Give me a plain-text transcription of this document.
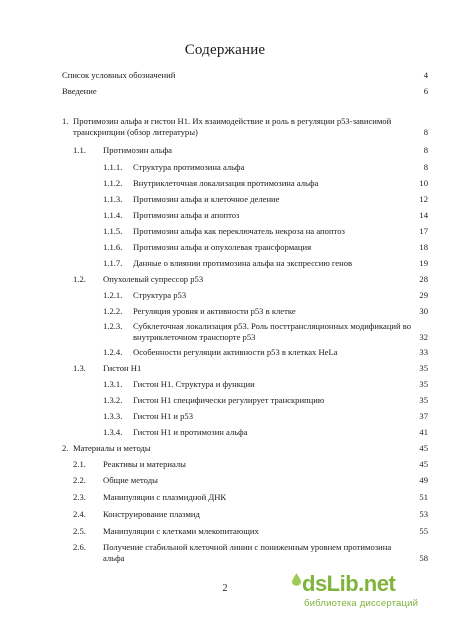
Содержание
Список условных обозначений	4
Введение	6
1. Протимозин альфа и гистон H1. Их взаимодействие и роль в регуляции p53-зависимой транскрипции (обзор литературы)	8
1.1. Протимозин альфа	8
1.1.1. Структура протимозина альфа	8
1.1.2. Внутриклеточная локализация протимозина альфа	10
1.1.3. Протимозин альфа и клеточное деление	12
1.1.4. Протимозин альфа и апоптоз	14
1.1.5. Протимозин альфа как переключатель некроза на апоптоз	17
1.1.6. Протимозин альфа и опухолевая трансформация	18
1.1.7. Данные о влиянии протимозина альфа на экспрессию генов	19
1.2. Опухолевый супрессор p53	28
1.2.1. Структура p53	29
1.2.2. Регуляция уровня и активности p53 в клетке	30
1.2.3. Субклеточная локализация p53. Роль посттрансляционных модификаций во внутриклеточном транспорте p53	32
1.2.4. Особенности регуляции активности p53 в клетках HeLa	33
1.3. Гистон H1	35
1.3.1. Гистон H1. Структура и функции	35
1.3.2. Гистон H1 специфически регулирует транскрипцию	35
1.3.3. Гистон H1 и p53	37
1.3.4. Гистон H1 и протимозин альфа	41
2. Материалы и методы	45
2.1. Реактивы и материалы	45
2.2. Общие методы	49
2.3. Манипуляции с плазмидной ДНК	51
2.4. Конструирование плазмид	53
2.5. Манипуляции с клетками млекопитающих	55
2.6. Получение стабильной клеточной линии с пониженным уровнем протимозина альфа	58
2	dsLib.net
библиотека диссертаций
